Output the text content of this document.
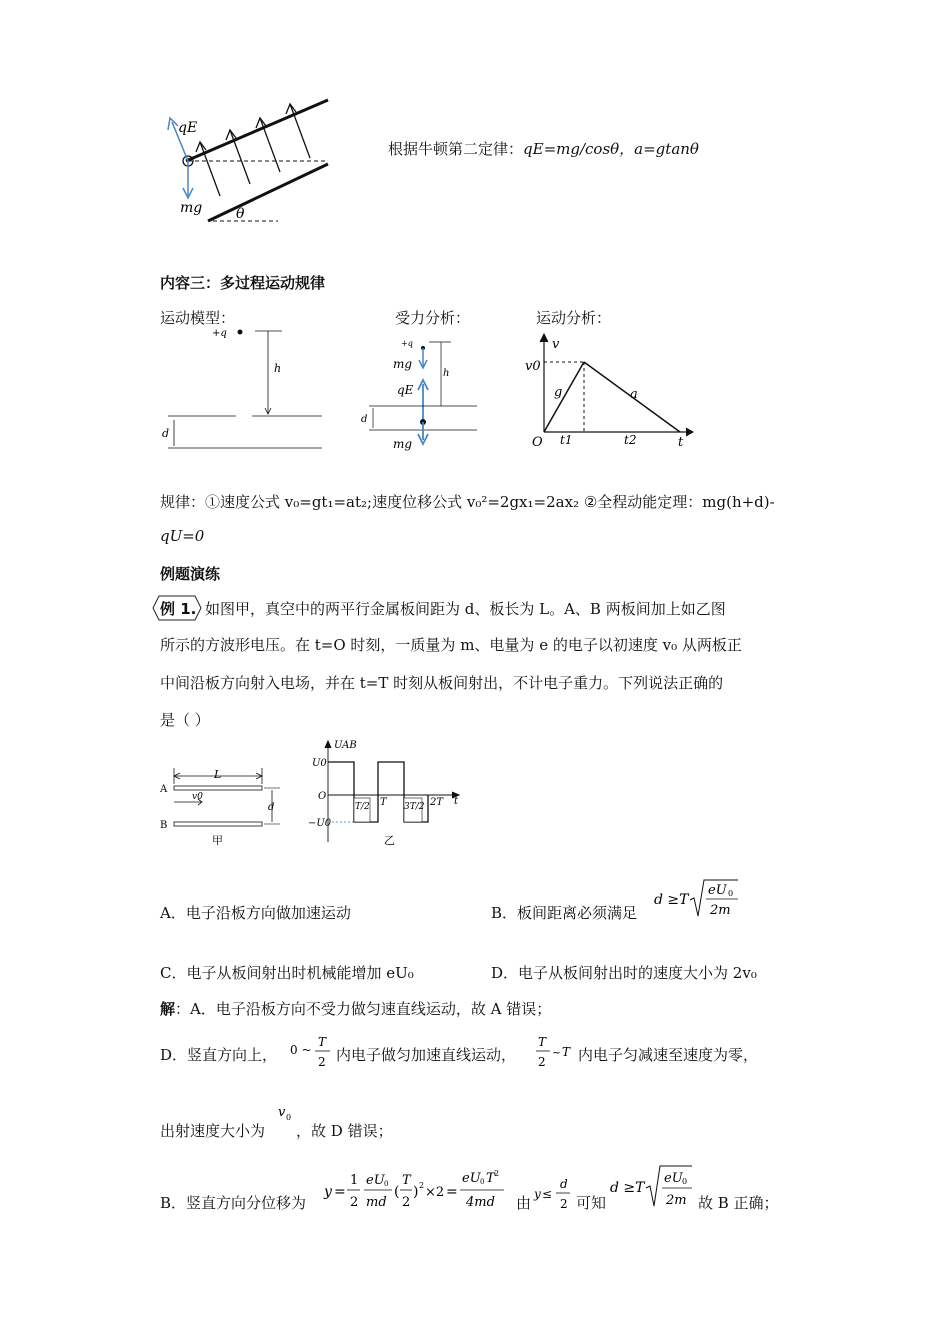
qE
mg θ
根据牛顿第二定律：qE=mg/cosθ，a=gtanθ
内容三：多过程运动规律
运动模型：	受力分析：	运动分析：
+q
h
d
+q
mg
h
qE
d
mg
v
v0
g	a
O t1	t2	t
规律：①速度公式 v₀=gt₁=at₂;速度位移公式 v₀²=2gx₁=2ax₂ ②全程动能定理：mg(h+d)-
qU=0
例题演练
例 1. 如图甲，真空中的两平行金属板间距为 d、板长为 L。A、B 两板间加上如乙图
所示的方波形电压。在 t=O 时刻，一质量为 m、电量为 e 的电子以初速度 v₀ 从两板正
中间沿板方向射入电场，并在 t=T 时刻从板间射出，不计电子重力。下列说法正确的
是（ ）
L
A
v0
B
d
甲
UAB
t
U0
O
−U0
T/2 T 3T/2 2T
乙
A．电子沿板方向做加速运动	B．板间距离必须满足
d ≥T
eU 0
2m
C．电子从板间射出时机械能增加 eU₀	D．电子从板间射出时的速度大小为 2v₀
解：A．电子沿板方向不受力做匀速直线运动，故 A 错误；
D．竖直方向上， 0 ~
T
2 内电子做匀加速直线运动，
T
2
~ T 内电子匀减速至速度为零，
出射速度大小为
v 0
，故 D 错误；
B．竖直方向分位移为
y =
1
2
eU 0
md
(
T
2
) 2 ×2 =
eU 0 T 2
4md 由 y ≤
d
2 可知
d ≥T
eU 0
2m 故 B 正确；
